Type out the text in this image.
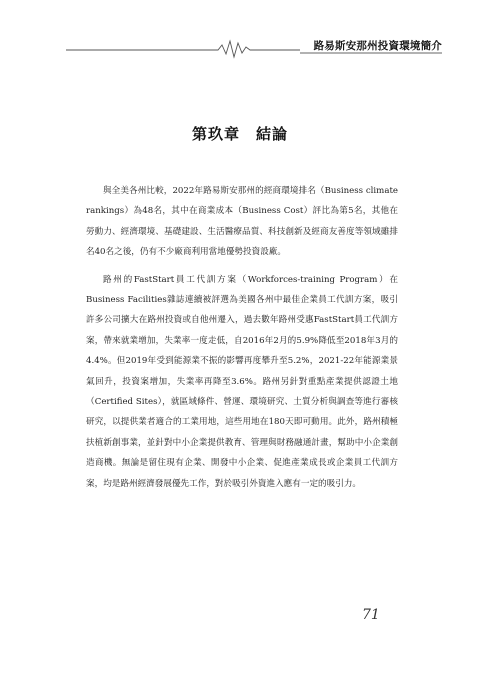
路易斯安那州投資環境簡介
第玖章 結論

與全美各州比較，2022年路易斯安那州的經商環境排名（Business climate rankings）為48名，其中在商業成本（Business Cost）評比為第5名，其他在勞動力、經濟環境、基礎建設、生活醫療品質、科技創新及經商友善度等領域雖排名40名之後，仍有不少廠商利用當地優勢投資設廠。

路州的FastStart員工代訓方案（Workforces-training Program）在Business Facilities雜誌連續被評選為美國各州中最佳企業員工代訓方案，吸引許多公司擴大在路州投資或自他州遷入，過去數年路州受惠FastStart員工代訓方案，帶來就業增加，失業率一度走低，自2016年2月的5.9%降低至2018年3月的4.4%。但2019年受到能源業不振的影響再度攀升至5.2%，2021-22年能源業景氣回升，投資案增加，失業率再降至3.6%。路州另針對重點產業提供認證土地（Certified Sites），就區域條件、營運、環境研究、土質分析與調查等進行審核研究，以提供業者適合的工業用地，這些用地在180天即可動用。此外，路州積極扶植新創事業，並針對中小企業提供教育、管理與財務融通計畫，幫助中小企業創造商機。無論是留住現有企業、開發中小企業、促進產業成長或企業員工代訓方案，均是路州經濟發展優先工作，對於吸引外資進入應有一定的吸引力。

71
